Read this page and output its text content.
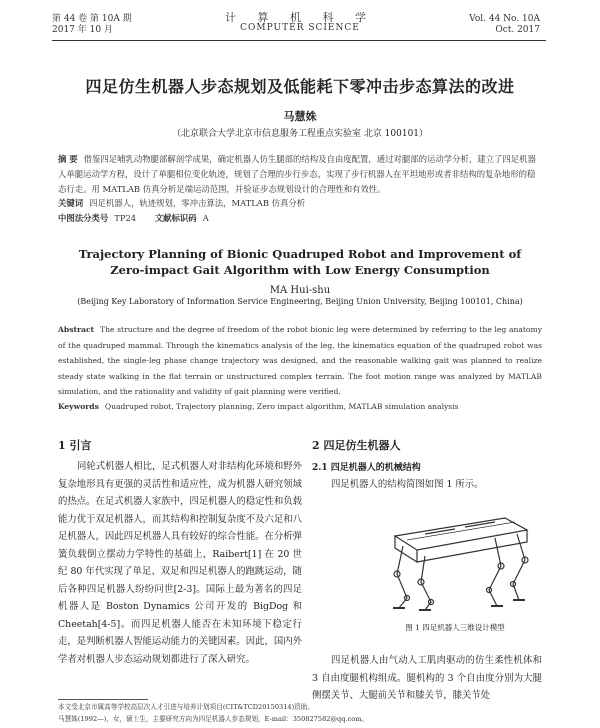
第 44 卷 第 10A 期
2017 年 10 月
计 算 机 科 学
COMPUTER SCIENCE
Vol. 44 No. 10A
Oct. 2017
四足仿生机器人步态规划及低能耗下零冲击步态算法的改进
马慧姝
（北京联合大学北京市信息服务工程重点实验室 北京 100101）
摘 要 借鉴四足哺乳动物腿部解剖学成果，确定机器人仿生腿部的结构及自由度配置，通过对腿部的运动学分析，建立了四足机器人单腿运动学方程，设计了单腿相位变化轨迹，规划了合理的步行步态，实现了步行机器人在平坦地形或者非结构的复杂地形的稳态行走。用 MATLAB 仿真分析足端运动范围，并验证步态规划设计的合理性和有效性。
关键词 四足机器人，轨迹规划，零冲击算法，MATLAB 仿真分析
中图法分类号 TP24 文献标识码 A
Trajectory Planning of Bionic Quadruped Robot and Improvement of
Zero-impact Gait Algorithm with Low Energy Consumption
MA Hui-shu
(Beijing Key Laboratory of Information Service Engineering, Beijing Union University, Beijing 100101, China)
Abstract The structure and the degree of freedom of the robot bionic leg were determined by referring to the leg anatomy of the quadruped mammal. Through the kinematics analysis of the leg, the kinematics equation of the quadruped robot was established, the single-leg phase change trajectory was designed, and the reasonable walking gait was planned to realize steady state walking in the flat terrain or unstructured complex terrain. The foot motion range was analyzed by MATLAB simulation, and the rationality and validity of gait planning were verified.
Keywords Quadruped robot, Trajectory planning, Zero impact algorithm, MATLAB simulation analysis
1 引言
同轮式机器人相比，足式机器人对非结构化环境和野外复杂地形具有更强的灵活性和适应性，成为机器人研究领域的热点。在足式机器人家族中，四足机器人的稳定性和负载能力优于双足机器人，而其结构和控制复杂度不及六足和八足机器人，因此四足机器人具有较好的综合性能。在分析弹簧负载倒立摆动力学特性的基础上，Raibert[1] 在 20 世纪 80 年代实现了单足、双足和四足机器人的跑跳运动，随后各种四足机器人纷纷问世[2-3]。国际上最为著名的四足机器人是 Boston Dynamics 公司开发的 BigDog 和 Cheetah[4-5]。而四足机器人能否在未知环境下稳定行走，是判断机器人智能运动能力的关键因素。因此，国内外学者对机器人步态运动规划都进行了深入研究。
2 四足仿生机器人
2.1 四足机器人的机械结构
四足机器人的结构简图如图 1 所示。
图 1 四足机器人三维设计模型
四足机器人由气动人工肌肉驱动的仿生柔性机体和 3 自由度腿机构组成。腿机构的 3 个自由度分别为大腿侧摆关节、大腿前关节和膝关节，膝关节处
本文受北京市属高等学校高层次人才引进与培养计划项目(CIT&TCD20150314)资助。
马慧姝(1992—)，女，硕士生，主要研究方向为四足机器人步态规划，E-mail：350827582@qq.com。
